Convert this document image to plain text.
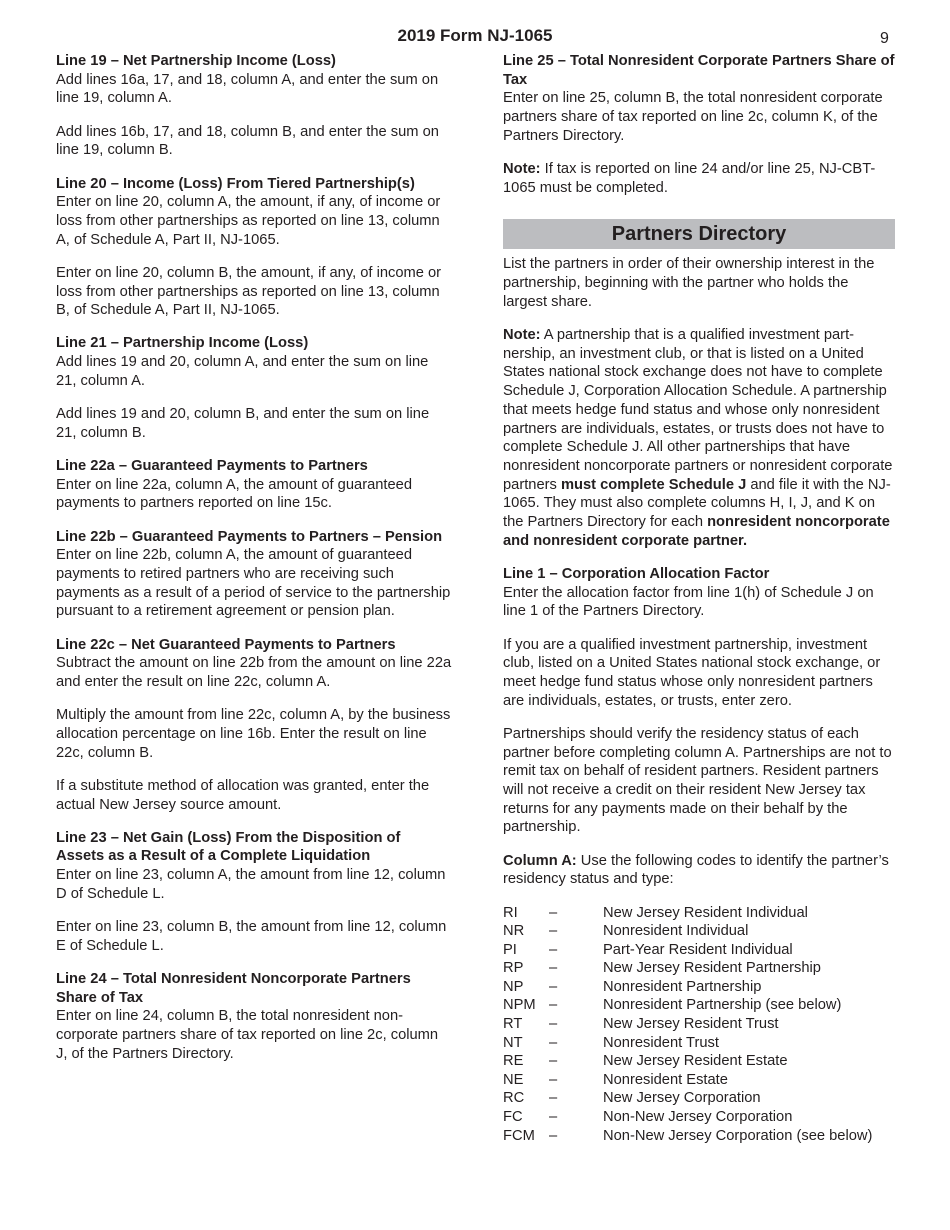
2019 Form NJ-1065	9
Line 19 – Net Partnership Income (Loss)

Add lines 16a, 17, and 18, column A, and enter the sum on line 19, column A.

Add lines 16b, 17, and 18, column B, and enter the sum on line 19, column B.

Line 20 – Income (Loss) From Tiered Partnership(s)

Enter on line 20, column A, the amount, if any, of income or loss from other partnerships as reported on line 13, column A, of Schedule A, Part II, NJ-1065.

Enter on line 20, column B, the amount, if any, of income or loss from other partnerships as reported on line 13, column B, of Schedule A, Part II, NJ-1065.

Line 21 – Partnership Income (Loss)

Add lines 19 and 20, column A, and enter the sum on line 21, column A.

Add lines 19 and 20, column B, and enter the sum on line 21, column B.

Line 22a – Guaranteed Payments to Partners

Enter on line 22a, column A, the amount of guaranteed payments to partners reported on line 15c.

Line 22b – Guaranteed Payments to Partners – Pension

Enter on line 22b, column A, the amount of guaranteed payments to retired partners who are receiving such payments as a result of a period of service to the partnership pursuant to a retirement agreement or pension plan.

Line 22c – Net Guaranteed Payments to Partners

Subtract the amount on line 22b from the amount on line 22a and enter the result on line 22c, column A.

Multiply the amount from line 22c, column A, by the business allocation percentage on line 16b. Enter the result on line 22c, column B.

If a substitute method of allocation was granted, enter the actual New Jersey source amount.

Line 23 – Net Gain (Loss) From the Disposition of Assets as a Result of a Complete Liquidation

Enter on line 23, column A, the amount from line 12, column D of Schedule L.

Enter on line 23, column B, the amount from line 12, column E of Schedule L.

Line 24 – Total Nonresident Noncorporate Partners Share of Tax

Enter on line 24, column B, the total nonresident noncorporate partners share of tax reported on line 2c, column J, of the Partners Directory.

Line 25 – Total Nonresident Corporate Partners Share of Tax

Enter on line 25, column B, the total nonresident corporate partners share of tax reported on line 2c, column K, of the Partners Directory.

Note: If tax is reported on line 24 and/or line 25, NJ-CBT-1065 must be completed.

Partners Directory

List the partners in order of their ownership interest in the partnership, beginning with the partner who holds the largest share.

Note: A partnership that is a qualified investment partnership, an investment club, or that is listed on a United States national stock exchange does not have to complete Schedule J, Corporation Allocation Schedule. A partnership that meets hedge fund status and whose only nonresident partners are individuals, estates, or trusts does not have to complete Schedule J. All other partnerships that have nonresident noncorporate partners or nonresident corporate partners must complete Schedule J and file it with the NJ-1065. They must also complete columns H, I, J, and K on the Partners Directory for each nonresident noncorporate and nonresident corporate partner.

Line 1 – Corporation Allocation Factor

Enter the allocation factor from line 1(h) of Schedule J on line 1 of the Partners Directory.

If you are a qualified investment partnership, investment club, listed on a United States national stock exchange, or meet hedge fund status whose only nonresident partners are individuals, estates, or trusts, enter zero.

Partnerships should verify the residency status of each partner before completing column A. Partnerships are not to remit tax on behalf of resident partners. Resident partners will not receive a credit on their resident New Jersey tax returns for any payments made on their behalf by the partnership.

Column A: Use the following codes to identify the partner’s residency status and type:

RI	–	New Jersey Resident Individual
NR	–	Nonresident Individual
PI	–	Part-Year Resident Individual
RP	–	New Jersey Resident Partnership
NP	–	Nonresident Partnership
NPM –	Nonresident Partnership (see below)
RT	–	New Jersey Resident Trust
NT	–	Nonresident Trust
RE	–	New Jersey Resident Estate
NE	–	Nonresident Estate
RC	–	New Jersey Corporation
FC	–	Non-New Jersey Corporation
FCM –	Non-New Jersey Corporation (see below)
